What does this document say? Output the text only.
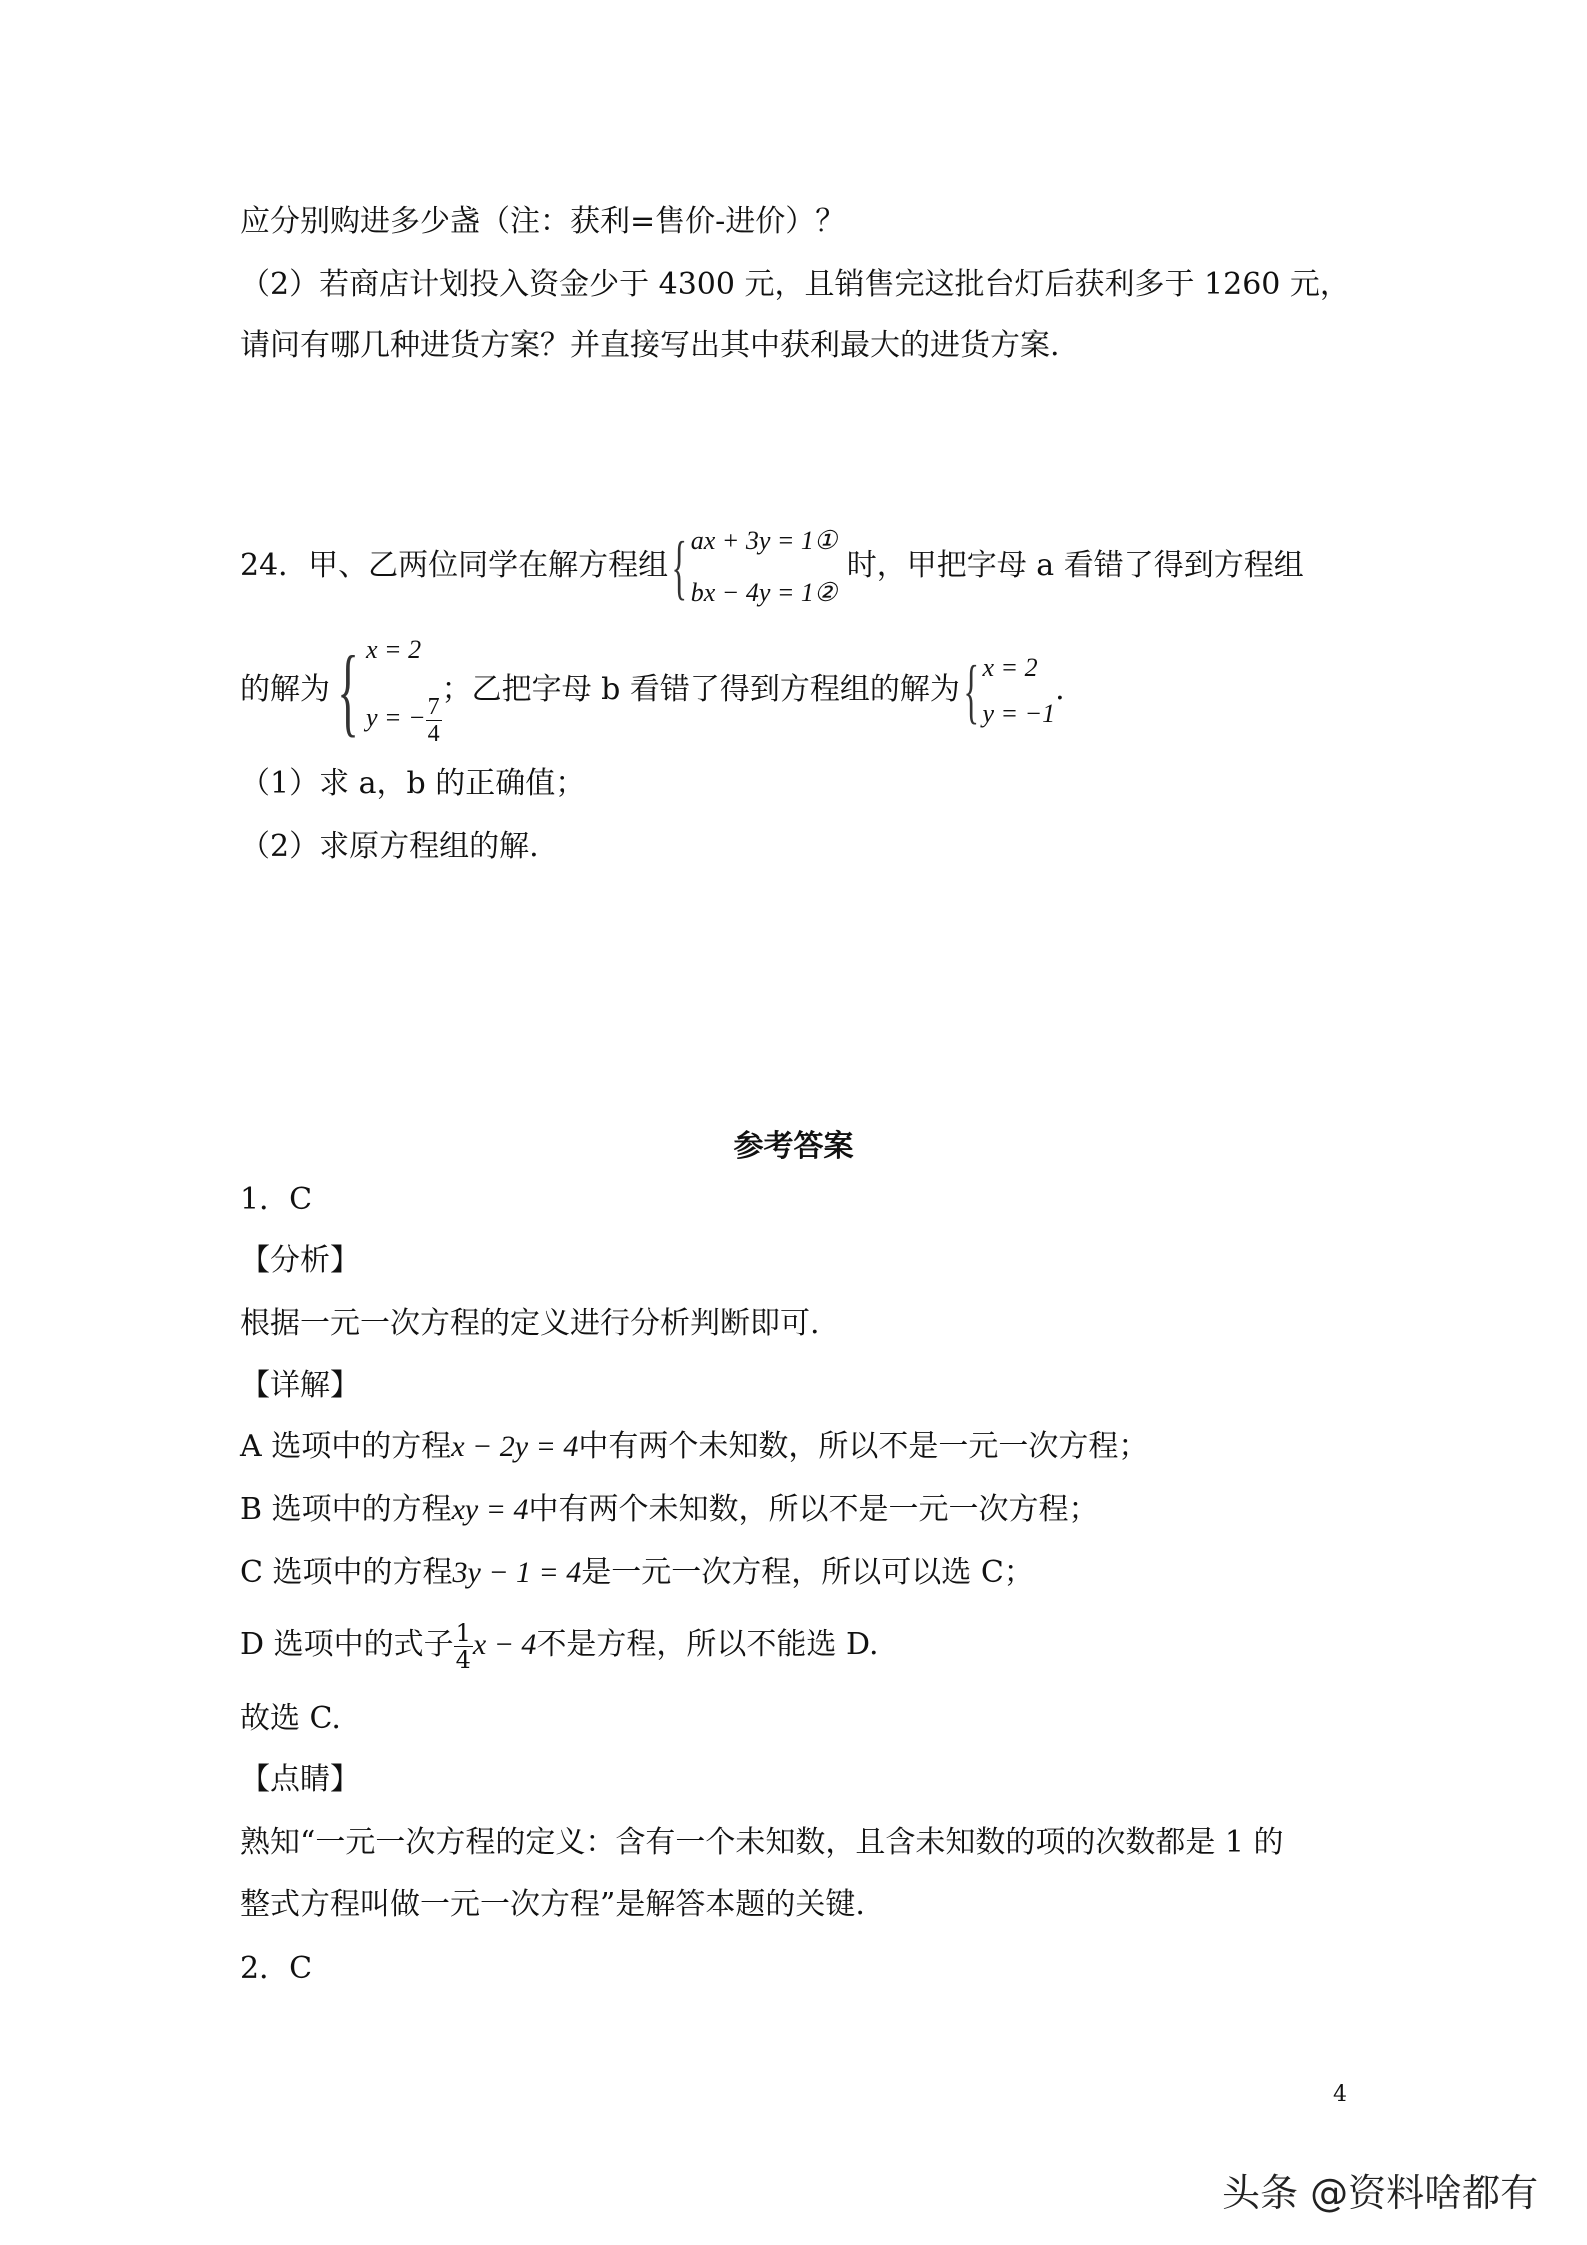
应分别购进多少盏（注：获利=售价-进价）？
（2）若商店计划投入资金少于 4300 元，且销售完这批台灯后获利多于 1260 元，
请问有哪几种进货方案？并直接写出其中获利最大的进货方案.
24．甲、乙两位同学在解方程组 { ax + 3y = 1①
bx − 4y = 1②
时，甲把字母 a 看错了得到方程组
的解为 { x = 2
y = − $\frac{7}{4}$
；乙把字母 b 看错了得到方程组的解为 { x = 2
y = −1
.
（1）求 a，b 的正确值；
（2）求原方程组的解.
参考答案
1．C
【分析】
根据一元一次方程的定义进行分析判断即可.
【详解】
A 选项中的方程x − 2y = 4中有两个未知数，所以不是一元一次方程；
B 选项中的方程xy = 4中有两个未知数，所以不是一元一次方程；
C 选项中的方程3y − 1 = 4是一元一次方程，所以可以选 C；
D 选项中的式子 $\frac{1}{4}$ x − 4不是方程，所以不能选 D.
故选 C.
【点睛】
熟知“一元一次方程的定义：含有一个未知数，且含未知数的项的次数都是 1 的
整式方程叫做一元一次方程”是解答本题的关键.
2．C
4
头条 @资料啥都有
